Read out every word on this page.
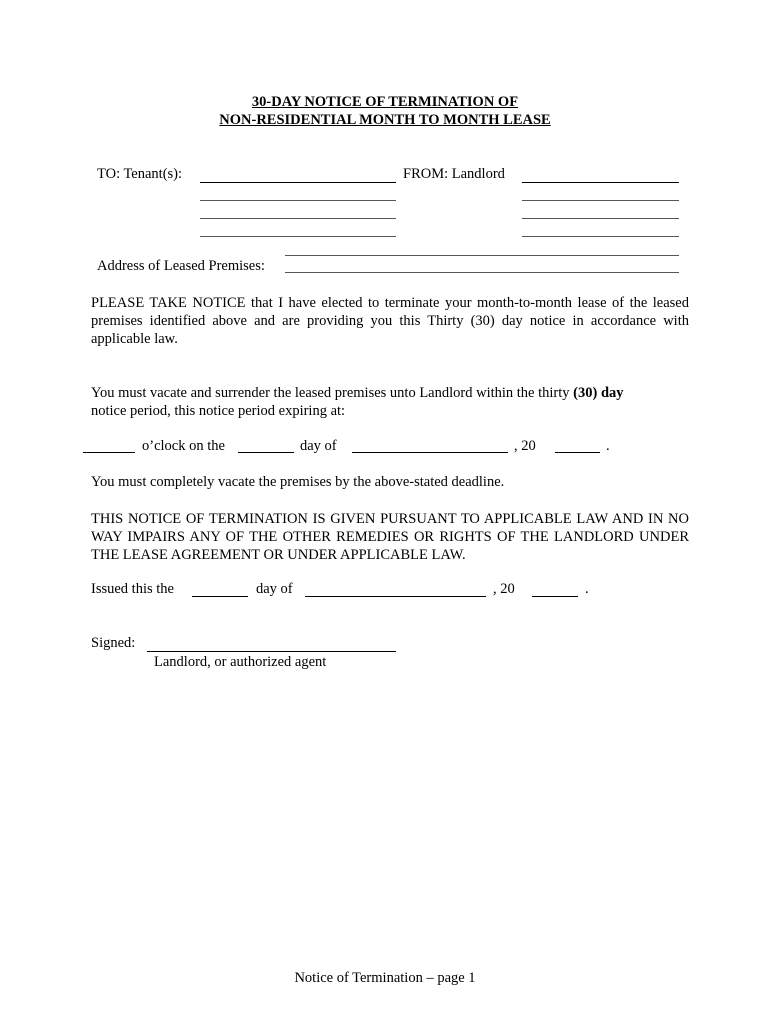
30-DAY NOTICE OF TERMINATION OF
NON-RESIDENTIAL MONTH TO MONTH LEASE
TO: Tenant(s):	FROM: Landlord
Address of Leased Premises:
PLEASE TAKE NOTICE that I have elected to terminate your month-to-month lease of the leased premises identified above and are providing you this Thirty (30) day notice in accordance with applicable law.
You must vacate and surrender the leased premises unto Landlord within the thirty (30) day
notice period, this notice period expiring at:
o’clock on the	day of	, 20	.
You must completely vacate the premises by the above-stated deadline.
THIS NOTICE OF TERMINATION IS GIVEN PURSUANT TO APPLICABLE LAW AND IN NO WAY IMPAIRS ANY OF THE OTHER REMEDIES OR RIGHTS OF THE LANDLORD UNDER THE LEASE AGREEMENT OR UNDER APPLICABLE LAW.
Issued this the	day of	, 20	.
Signed:
Landlord, or authorized agent
Notice of Termination – page 1
